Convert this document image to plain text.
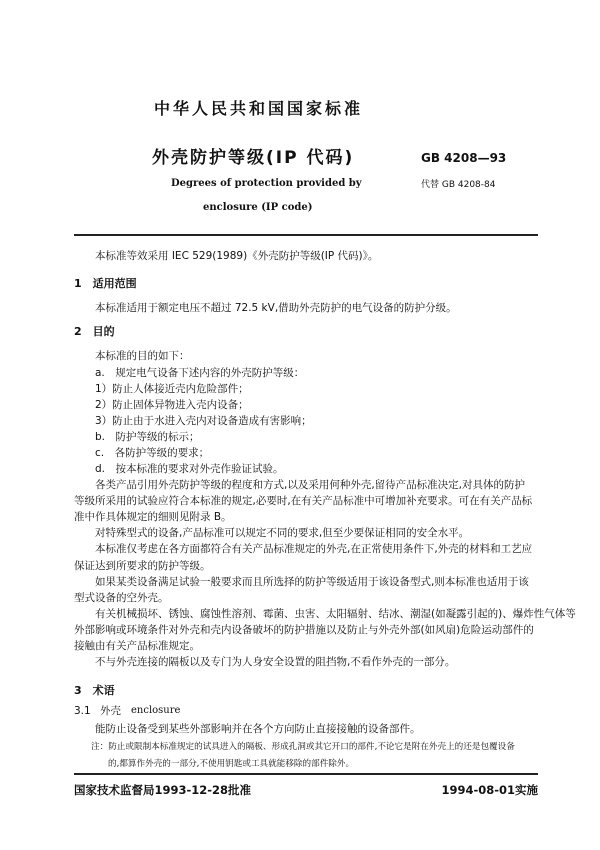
中华人民共和国国家标准
外壳防护等级(IP 代码)
Degrees of protection provided by
enclosure (IP code)
GB 4208—93
代替 GB 4208-84
本标准等效采用 IEC 529(1989)《外壳防护等级(IP 代码)》。
1　适用范围
本标准适用于额定电压不超过 72.5 kV,借助外壳防护的电气设备的防护分级。
2　目的
本标准的目的如下：
a.　规定电气设备下述内容的外壳防护等级：
1）防止人体接近壳内危险部件；
2）防止固体异物进入壳内设备；
3）防止由于水进入壳内对设备造成有害影响；
b.　防护等级的标示；
c.　各防护等级的要求；
d.　按本标准的要求对外壳作验证试验。
各类产品引用外壳防护等级的程度和方式,以及采用何种外壳,留待产品标准决定,对具体的防护
等级所采用的试验应符合本标准的规定,必要时,在有关产品标准中可增加补充要求。可在有关产品标
准中作具体规定的细则见附录 B。
对特殊型式的设备,产品标准可以规定不同的要求,但至少要保证相同的安全水平。
本标准仅考虑在各方面都符合有关产品标准规定的外壳,在正常使用条件下,外壳的材料和工艺应
保证达到所要求的防护等级。
如果某类设备满足试验一般要求而且所选择的防护等级适用于该设备型式,则本标准也适用于该
型式设备的空外壳。
有关机械损坏、锈蚀、腐蚀性溶剂、霉菌、虫害、太阳辐射、结冰、潮湿(如凝露引起的)、爆炸性气体等
外部影响或环境条件对外壳和壳内设备破坏的防护措施以及防止与外壳外部(如风扇)危险运动部件的
接触由有关产品标准规定。
不与外壳连接的隔板以及专门为人身安全设置的阻挡物,不看作外壳的一部分。
3　术语
3.1 外壳 enclosure
能防止设备受到某些外部影响并在各个方向防止直接接触的设备部件。
注：防止或限制本标准规定的试具进入的隔板、形成孔洞或其它开口的部件,不论它是附在外壳上的还是包覆设备
的,都算作外壳的一部分,不使用钥匙或工具就能移除的部件除外。
国家技术监督局1993-12-28批准	1994-08-01实施
